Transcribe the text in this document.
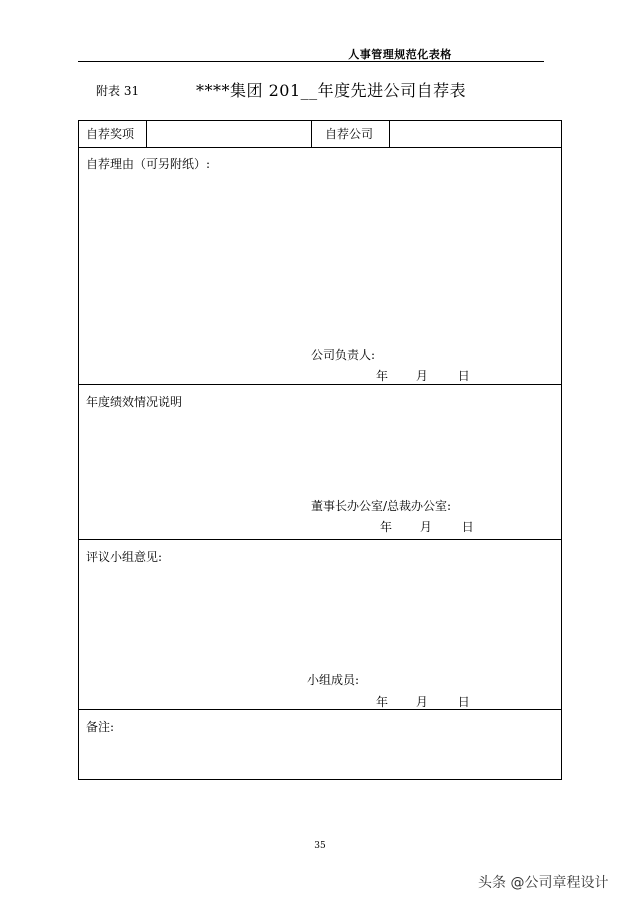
人事管理规范化表格
附表 31	****集团 201__年度先进公司自荐表
自荐奖项	自荐公司
自荐理由（可另附纸）:
公司负责人:
年 月 日
年度绩效情况说明
董事长办公室/总裁办公室:
年 月 日
评议小组意见:
小组成员:
年 月 日
备注:
35
头条 @公司章程设计
